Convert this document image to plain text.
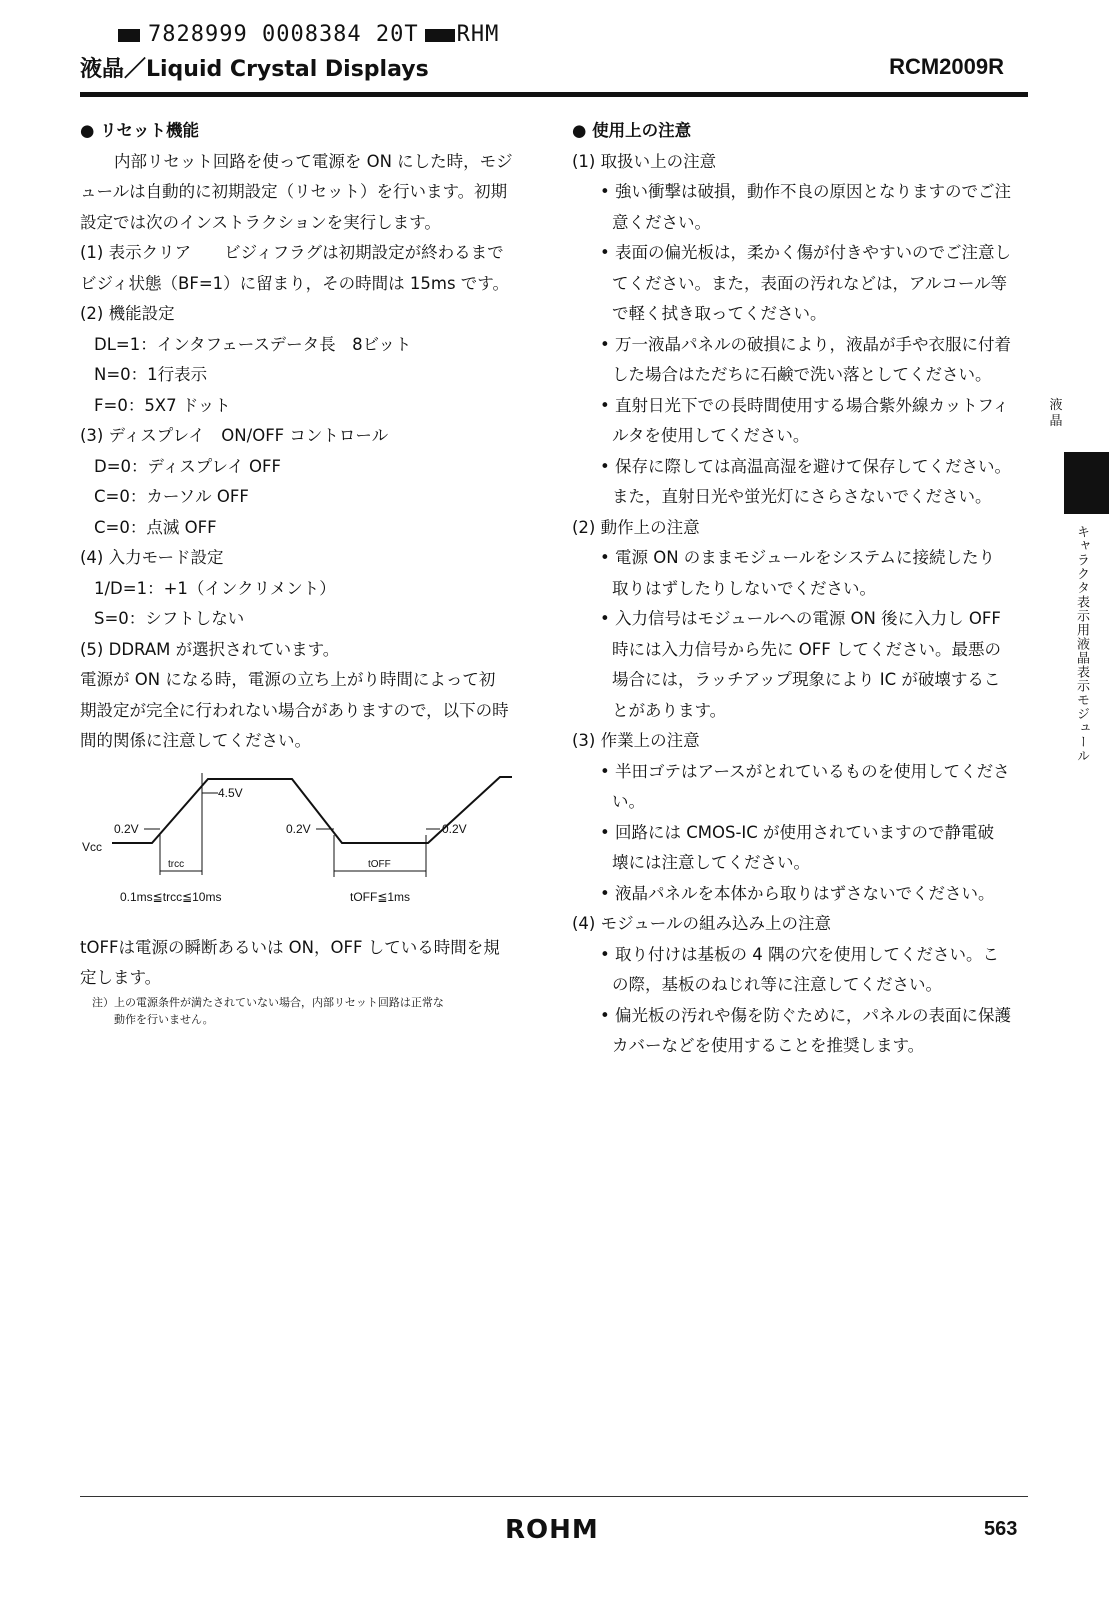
7828999 0008384 20T RHM
液晶／Liquid Crystal Displays	RCM2009R

● リセット機能

内部リセット回路を使って電源を ON にした時，モジ

ュールは自動的に初期設定（リセット）を行います。初期

設定では次のインストラクションを実行します。

(1) 表示クリア　　ビジィフラグは初期設定が終わるまで

ビジィ状態（BF=1）に留まり，その時間は 15ms です。

(2) 機能設定

DL=1：インタフェースデータ長　8ビット

N=0：1行表示

F=0：5X7 ドット

(3) ディスプレイ　ON/OFF コントロール

D=0：ディスプレイ OFF

C=0：カーソル OFF

C=0：点滅 OFF

(4) 入力モード設定

1/D=1：+1（インクリメント）

S=0：シフトしない

(5) DDRAM が選択されています。

電源が ON になる時，電源の立ち上がり時間によって初

期設定が完全に行われない場合がありますので，以下の時

間的関係に注意してください。

Vcc
0.2V
4.5V
0.2V	0.2V
trcc	tOFF
0.1ms≦trcc≦10ms	tOFF≦1ms

tOFFは電源の瞬断あるいは ON，OFF している時間を規

定します。

注）上の電源条件が満たされていない場合，内部リセット回路は正常な

　　動作を行いません。

● 使用上の注意

(1) 取扱い上の注意

• 強い衝撃は破損，動作不良の原因となりますのでご注

意ください。

• 表面の偏光板は，柔かく傷が付きやすいのでご注意し

てください。また，表面の汚れなどは，アルコール等

で軽く拭き取ってください。

• 万一液晶パネルの破損により，液晶が手や衣服に付着

した場合はただちに石鹸で洗い落としてください。

• 直射日光下での長時間使用する場合紫外線カットフィ

ルタを使用してください。

• 保存に際しては高温高湿を避けて保存してください。

また，直射日光や蛍光灯にさらさないでください。

(2) 動作上の注意

• 電源 ON のままモジュールをシステムに接続したり

取りはずしたりしないでください。

• 入力信号はモジュールへの電源 ON 後に入力し OFF

時には入力信号から先に OFF してください。最悪の

場合には，ラッチアップ現象により IC が破壊するこ

とがあります。

(3) 作業上の注意

• 半田ゴテはアースがとれているものを使用してくださ

い。

• 回路には CMOS-IC が使用されていますので静電破

壊には注意してください。

• 液晶パネルを本体から取りはずさないでください。

(4) モジュールの組み込み上の注意

• 取り付けは基板の 4 隅の穴を使用してください。こ

の際，基板のねじれ等に注意してください。

• 偏光板の汚れや傷を防ぐために，パネルの表面に保護

カバーなどを使用することを推奨します。

液晶
キャラクタ表示用液晶表示モジュール
ROHM	563
